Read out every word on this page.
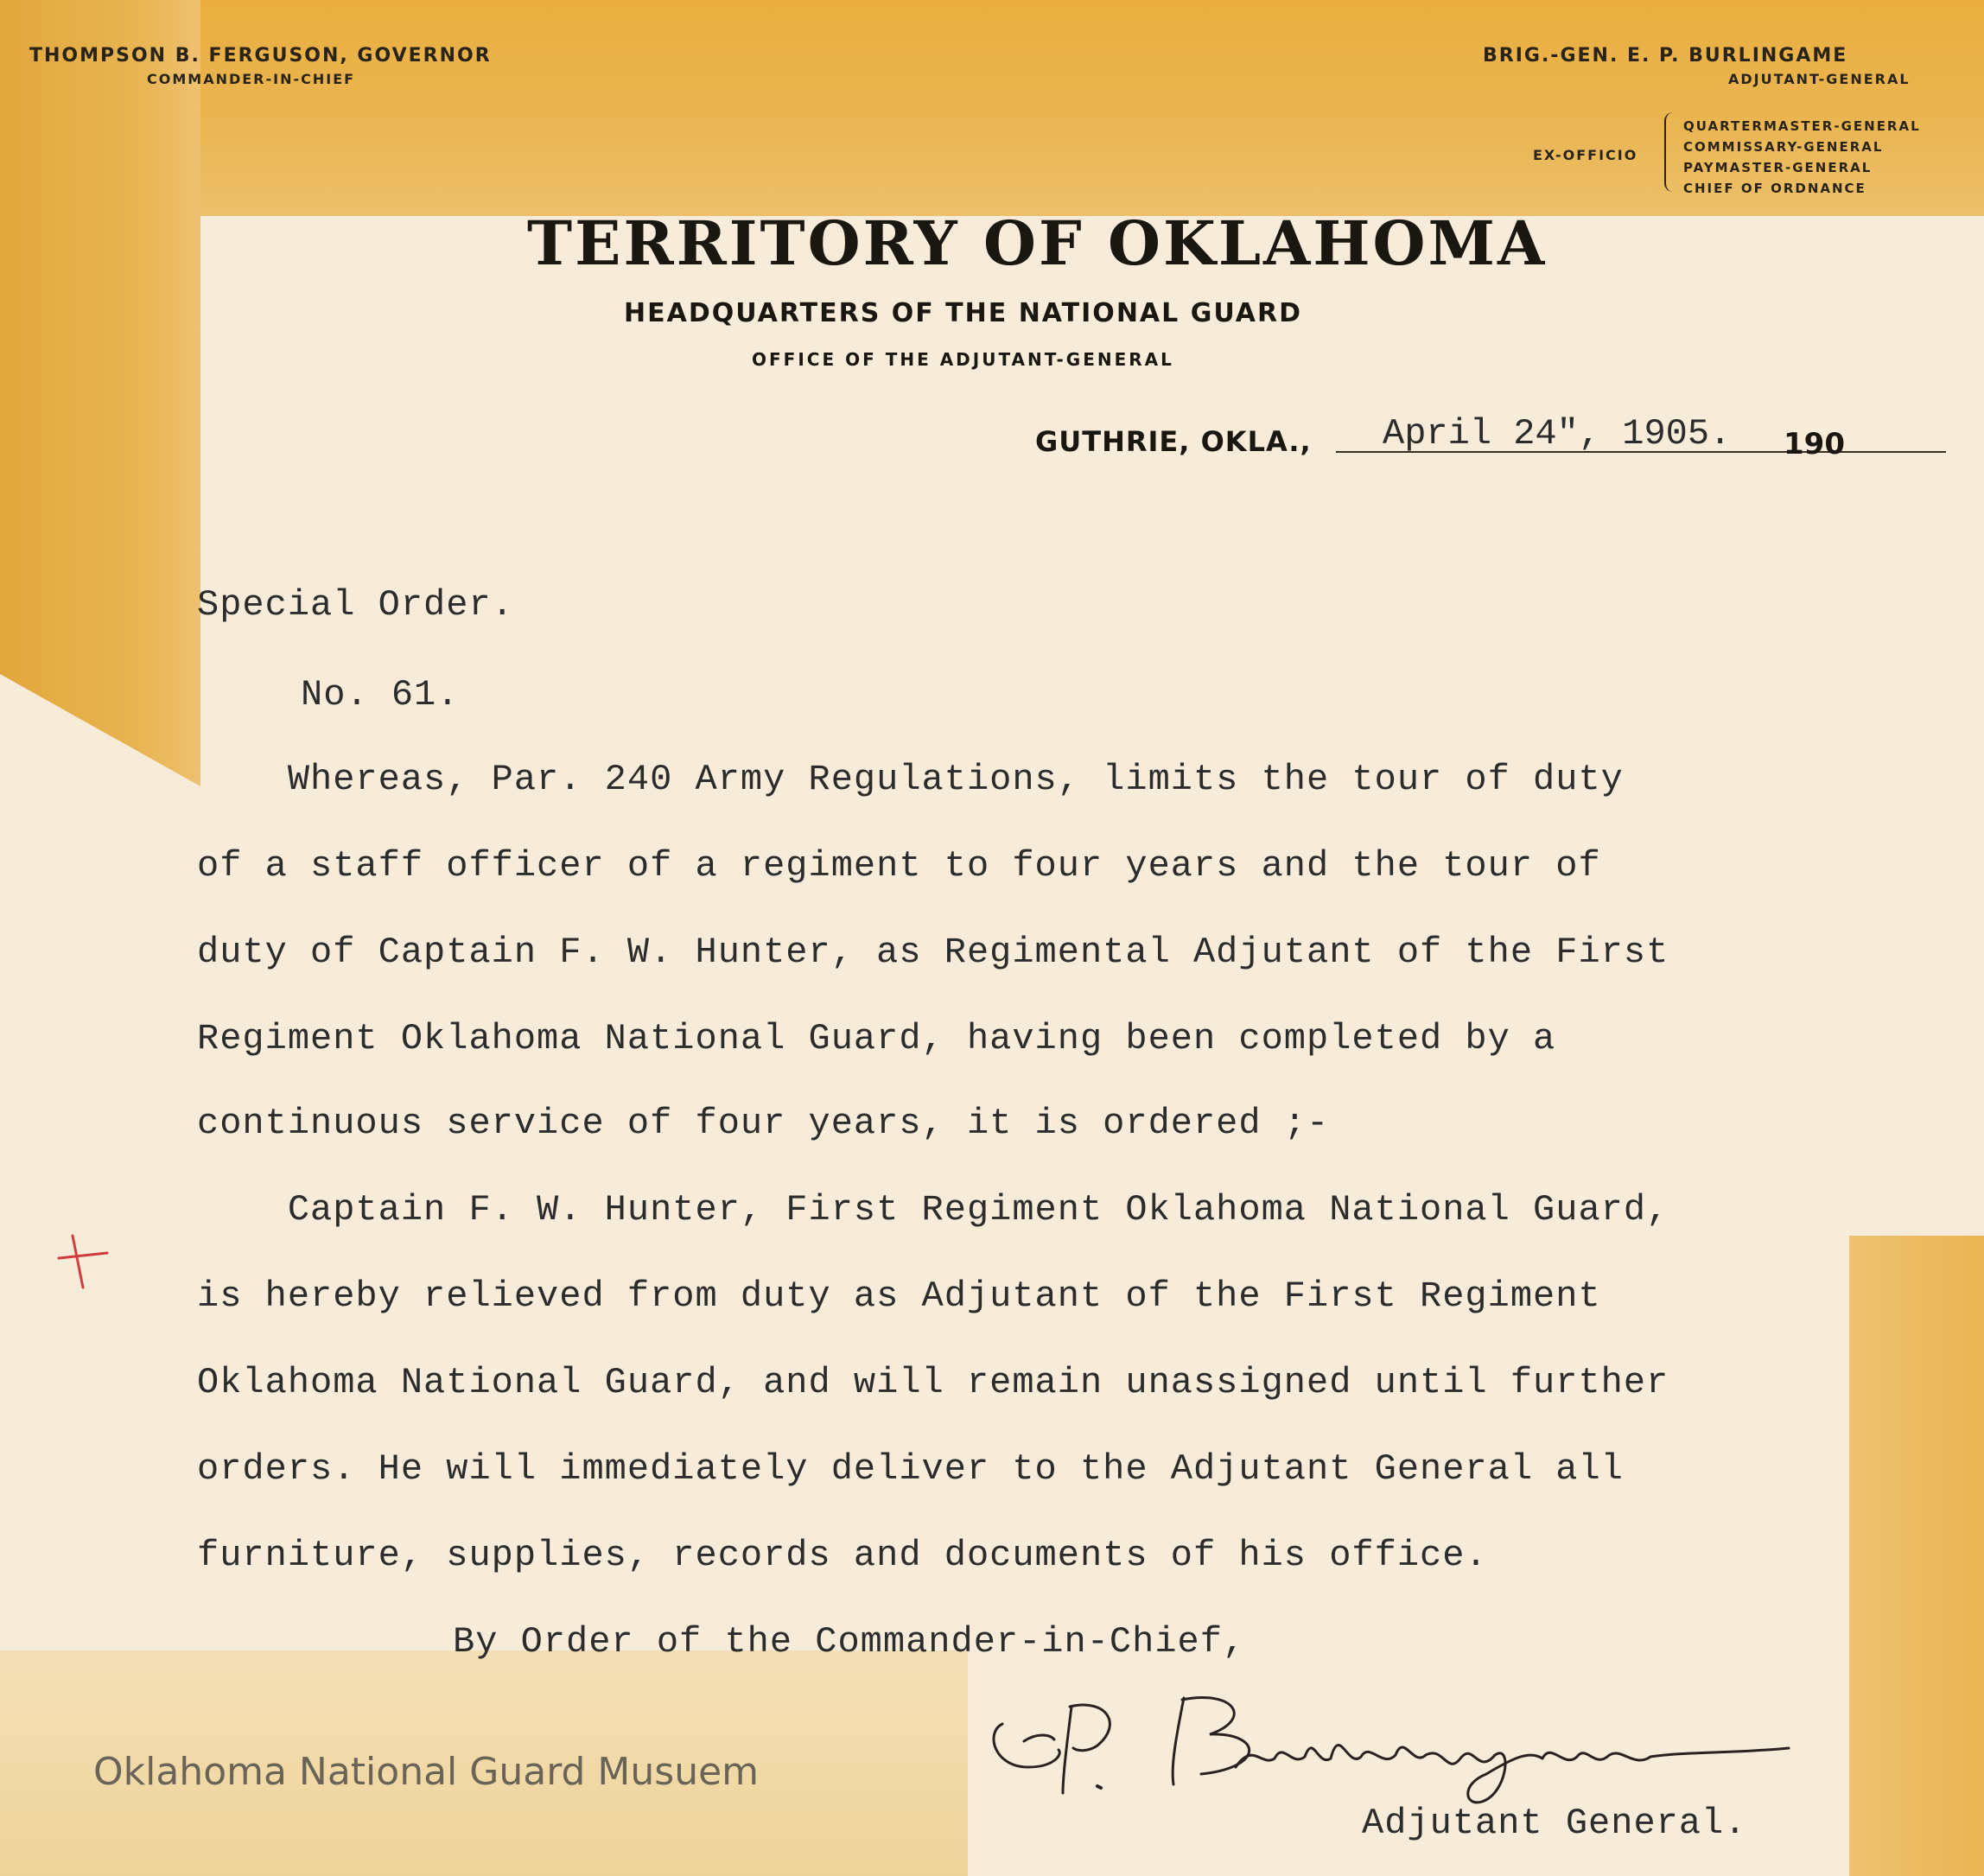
THOMPSON B. FERGUSON, GOVERNOR
COMMANDER-IN-CHIEF
BRIG.-GEN. E. P. BURLINGAME
ADJUTANT-GENERAL
EX-OFFICIO
QUARTERMASTER-GENERAL
COMMISSARY-GENERAL
PAYMASTER-GENERAL
CHIEF OF ORDNANCE
TERRITORY OF OKLAHOMA
HEADQUARTERS OF THE NATIONAL GUARD
OFFICE OF THE ADJUTANT-GENERAL
GUTHRIE, OKLA., April 24", 1905. 190
Special Order.
No. 61.
Whereas, Par. 240 Army Regulations, limits the tour of duty
of a staff officer of a regiment to four years and the tour of
duty of Captain F. W. Hunter, as Regimental Adjutant of the First
Regiment Oklahoma National Guard, having been completed by a
continuous service of four years, it is ordered ;-
Captain F. W. Hunter, First Regiment Oklahoma National Guard,
is hereby relieved from duty as Adjutant of the First Regiment
Oklahoma National Guard, and will remain unassigned until further
orders. He will immediately deliver to the Adjutant General all
furniture, supplies, records and documents of his office.
By Order of the Commander-in-Chief,
Adjutant General.
Oklahoma National Guard Musuem
